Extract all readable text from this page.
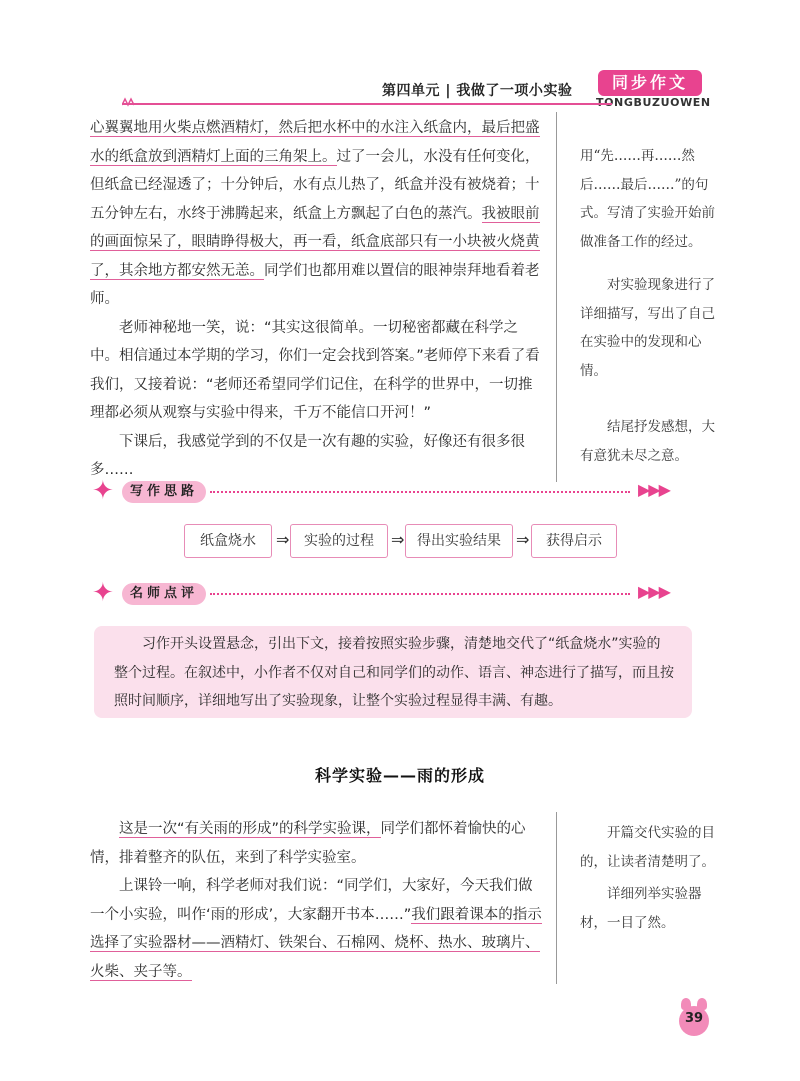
第四单元 | 我做了一项小实验	同步作文
TONGBUZUOWEN

心翼翼地用火柴点燃酒精灯，然后把水杯中的水注入纸盒内，最后把盛水的纸盒放到酒精灯上面的三角架上。过了一会儿，水没有任何变化，但纸盒已经湿透了；十分钟后，水有点儿热了，纸盒并没有被烧着；十五分钟左右，水终于沸腾起来，纸盒上方飘起了白色的蒸汽。我被眼前的画面惊呆了，眼睛睁得极大，再一看，纸盒底部只有一小块被火烧黄了，其余地方都安然无恙。同学们也都用难以置信的眼神崇拜地看着老师。

老师神秘地一笑，说：“其实这很简单。一切秘密都藏在科学之中。相信通过本学期的学习，你们一定会找到答案。”老师停下来看了看我们，又接着说：“老师还希望同学们记住，在科学的世界中，一切推理都必须从观察与实验中得来，千万不能信口开河！”

下课后，我感觉学到的不仅是一次有趣的实验，好像还有很多很多……

用“先……再……然后……最后……”的句式。写清了实验开始前做准备工作的经过。

对实验现象进行了详细描写，写出了自己在实验中的发现和心情。

结尾抒发感想，大有意犹未尽之意。

✦	写作思路	▶▶▶
纸盒烧水	⇒	实验的过程	⇒ 得出实验结果 ⇒	获得启示
✦	名师点评	▶▶▶

习作开头设置悬念，引出下文，接着按照实验步骤，清楚地交代了“纸盒烧水”实验的整个过程。在叙述中，小作者不仅对自己和同学们的动作、语言、神态进行了描写，而且按照时间顺序，详细地写出了实验现象，让整个实验过程显得丰满、有趣。

科学实验——雨的形成

这是一次“有关雨的形成”的科学实验课，同学们都怀着愉快的心情，排着整齐的队伍，来到了科学实验室。

上课铃一响，科学老师对我们说：“同学们，大家好，今天我们做一个小实验，叫作‘雨的形成’，大家翻开书本……”我们跟着课本的指示选择了实验器材——酒精灯、铁架台、石棉网、烧杯、热水、玻璃片、火柴、夹子等。

开篇交代实验的目的，让读者清楚明了。

详细列举实验器材，一目了然。

39
